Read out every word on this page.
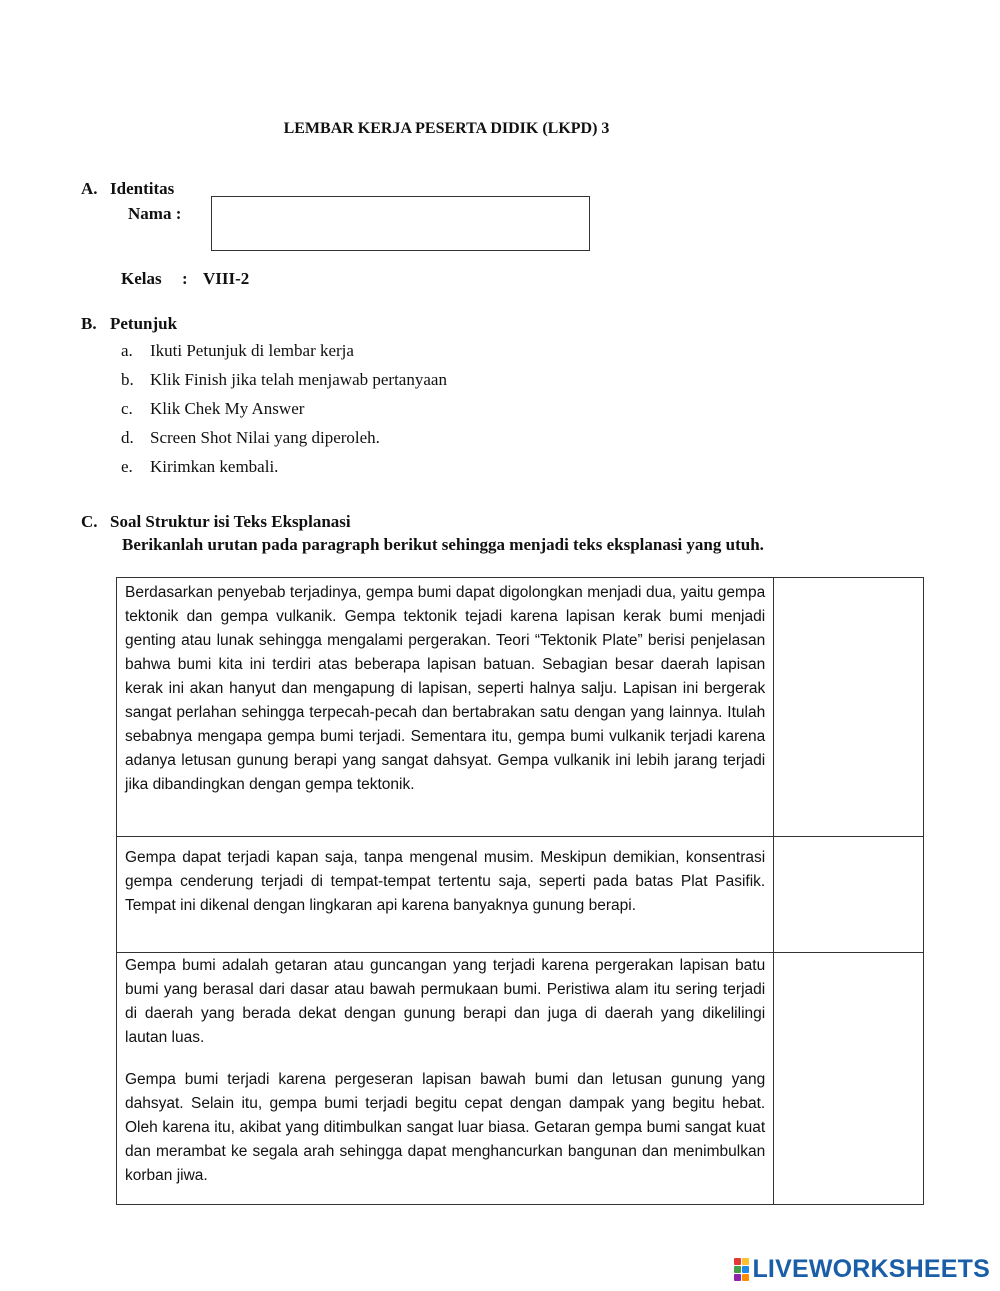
LEMBAR KERJA PESERTA DIDIK (LKPD) 3
A. Identitas
Nama :
Kelas : VIII-2
B. Petunjuk
a. Ikuti Petunjuk di lembar kerja
b. Klik Finish jika telah menjawab pertanyaan
c. Klik Chek My Answer
d. Screen Shot Nilai yang diperoleh.
e. Kirimkan kembali.
C. Soal Struktur isi Teks Eksplanasi
Berikanlah urutan pada paragraph berikut sehingga menjadi teks eksplanasi yang utuh.

Berdasarkan penyebab terjadinya, gempa bumi dapat digolongkan menjadi dua, yaitu gempa tektonik dan gempa vulkanik. Gempa tektonik tejadi karena lapisan kerak bumi menjadi genting atau lunak sehingga mengalami pergerakan. Teori “Tektonik Plate” berisi penjelasan bahwa bumi kita ini terdiri atas beberapa lapisan batuan. Sebagian besar daerah lapisan kerak ini akan hanyut dan mengapung di lapisan, seperti halnya salju. Lapisan ini bergerak sangat perlahan sehingga terpecah-pecah dan bertabrakan satu dengan yang lainnya. Itulah sebabnya mengapa gempa bumi terjadi. Sementara itu, gempa bumi vulkanik terjadi karena adanya letusan gunung berapi yang sangat dahsyat. Gempa vulkanik ini lebih jarang terjadi jika dibandingkan dengan gempa tektonik.

Gempa dapat terjadi kapan saja, tanpa mengenal musim. Meskipun demikian, konsentrasi gempa cenderung terjadi di tempat-tempat tertentu saja, seperti pada batas Plat Pasifik. Tempat ini dikenal dengan lingkaran api karena banyaknya gunung berapi.

Gempa bumi adalah getaran atau guncangan yang terjadi karena pergerakan lapisan batu bumi yang berasal dari dasar atau bawah permukaan bumi. Peristiwa alam itu sering terjadi di daerah yang berada dekat dengan gunung berapi dan juga di daerah yang dikelilingi lautan luas.

Gempa bumi terjadi karena pergeseran lapisan bawah bumi dan letusan gunung yang dahsyat. Selain itu, gempa bumi terjadi begitu cepat dengan dampak yang begitu hebat. Oleh karena itu, akibat yang ditimbulkan sangat luar biasa. Getaran gempa bumi sangat kuat dan merambat ke segala arah sehingga dapat menghancurkan bangunan dan menimbulkan korban jiwa.

LIVEWORKSHEETS
